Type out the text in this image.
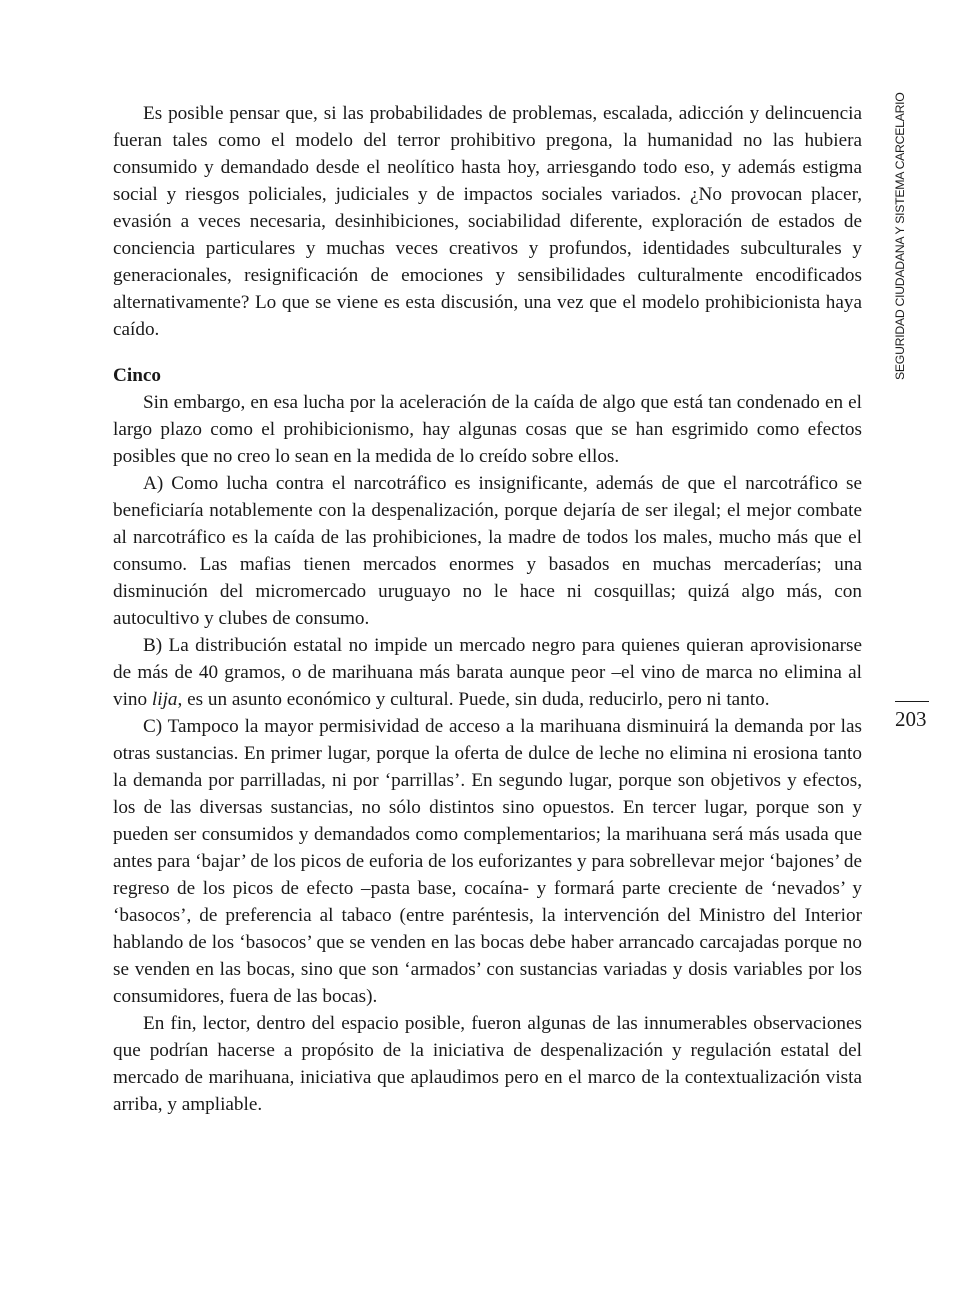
Es posible pensar que, si las probabilidades de problemas, escalada, adicción y delincuencia fueran tales como el modelo del terror prohibitivo pregona, la humanidad no las hubiera consumido y demandado desde el neolítico hasta hoy, arriesgando todo eso, y además estigma social y riesgos policiales, judiciales y de impactos sociales variados. ¿No provocan placer, evasión a veces necesaria, desinhibiciones, sociabilidad diferente, exploración de estados de conciencia particulares y muchas veces creativos y profundos, identidades subculturales y generacionales, resignificación de emociones y sensibilidades culturalmente encodificados alternativamente? Lo que se viene es esta discusión, una vez que el modelo prohibicionista haya caído.

Cinco

Sin embargo, en esa lucha por la aceleración de la caída de algo que está tan condenado en el largo plazo como el prohibicionismo, hay algunas cosas que se han esgrimido como efectos posibles que no creo lo sean en la medida de lo creído sobre ellos.

A) Como lucha contra el narcotráfico es insignificante, además de que el narcotráfico se beneficiaría notablemente con la despenalización, porque dejaría de ser ilegal; el mejor combate al narcotráfico es la caída de las prohibiciones, la madre de todos los males, mucho más que el consumo. Las mafias tienen mercados enormes y basados en muchas mercaderías; una disminución del micromercado uruguayo no le hace ni cosquillas; quizá algo más, con autocultivo y clubes de consumo.

B) La distribución estatal no impide un mercado negro para quienes quieran aprovisionarse de más de 40 gramos, o de marihuana más barata aunque peor –el vino de marca no elimina al vino lija, es un asunto económico y cultural. Puede, sin duda, reducirlo, pero ni tanto.

C) Tampoco la mayor permisividad de acceso a la marihuana disminuirá la demanda por las otras sustancias. En primer lugar, porque la oferta de dulce de leche no elimina ni erosiona tanto la demanda por parrilladas, ni por ‘parrillas’. En segundo lugar, porque son objetivos y efectos, los de las diversas sustancias, no sólo distintos sino opuestos. En tercer lugar, porque son y pueden ser consumidos y demandados como complementarios; la marihuana será más usada que antes para ‘bajar’ de los picos de euforia de los euforizantes y para sobrellevar mejor ‘bajones’ de regreso de los picos de efecto –pasta base, cocaína- y formará parte creciente de ‘nevados’ y ‘basocos’, de preferencia al tabaco (entre paréntesis, la intervención del Ministro del Interior hablando de los ‘basocos’ que se venden en las bocas debe haber arrancado carcajadas porque no se venden en las bocas, sino que son ‘armados’ con sustancias variadas y dosis variables por los consumidores, fuera de las bocas).

En fin, lector, dentro del espacio posible, fueron algunas de las innumerables observaciones que podrían hacerse a propósito de la iniciativa de despenalización y regulación estatal del mercado de marihuana, iniciativa que aplaudimos pero en el marco de la contextualización vista arriba, y ampliable.

SEGURIDAD CIUDADANA Y SISTEMA CARCELARIO
203
